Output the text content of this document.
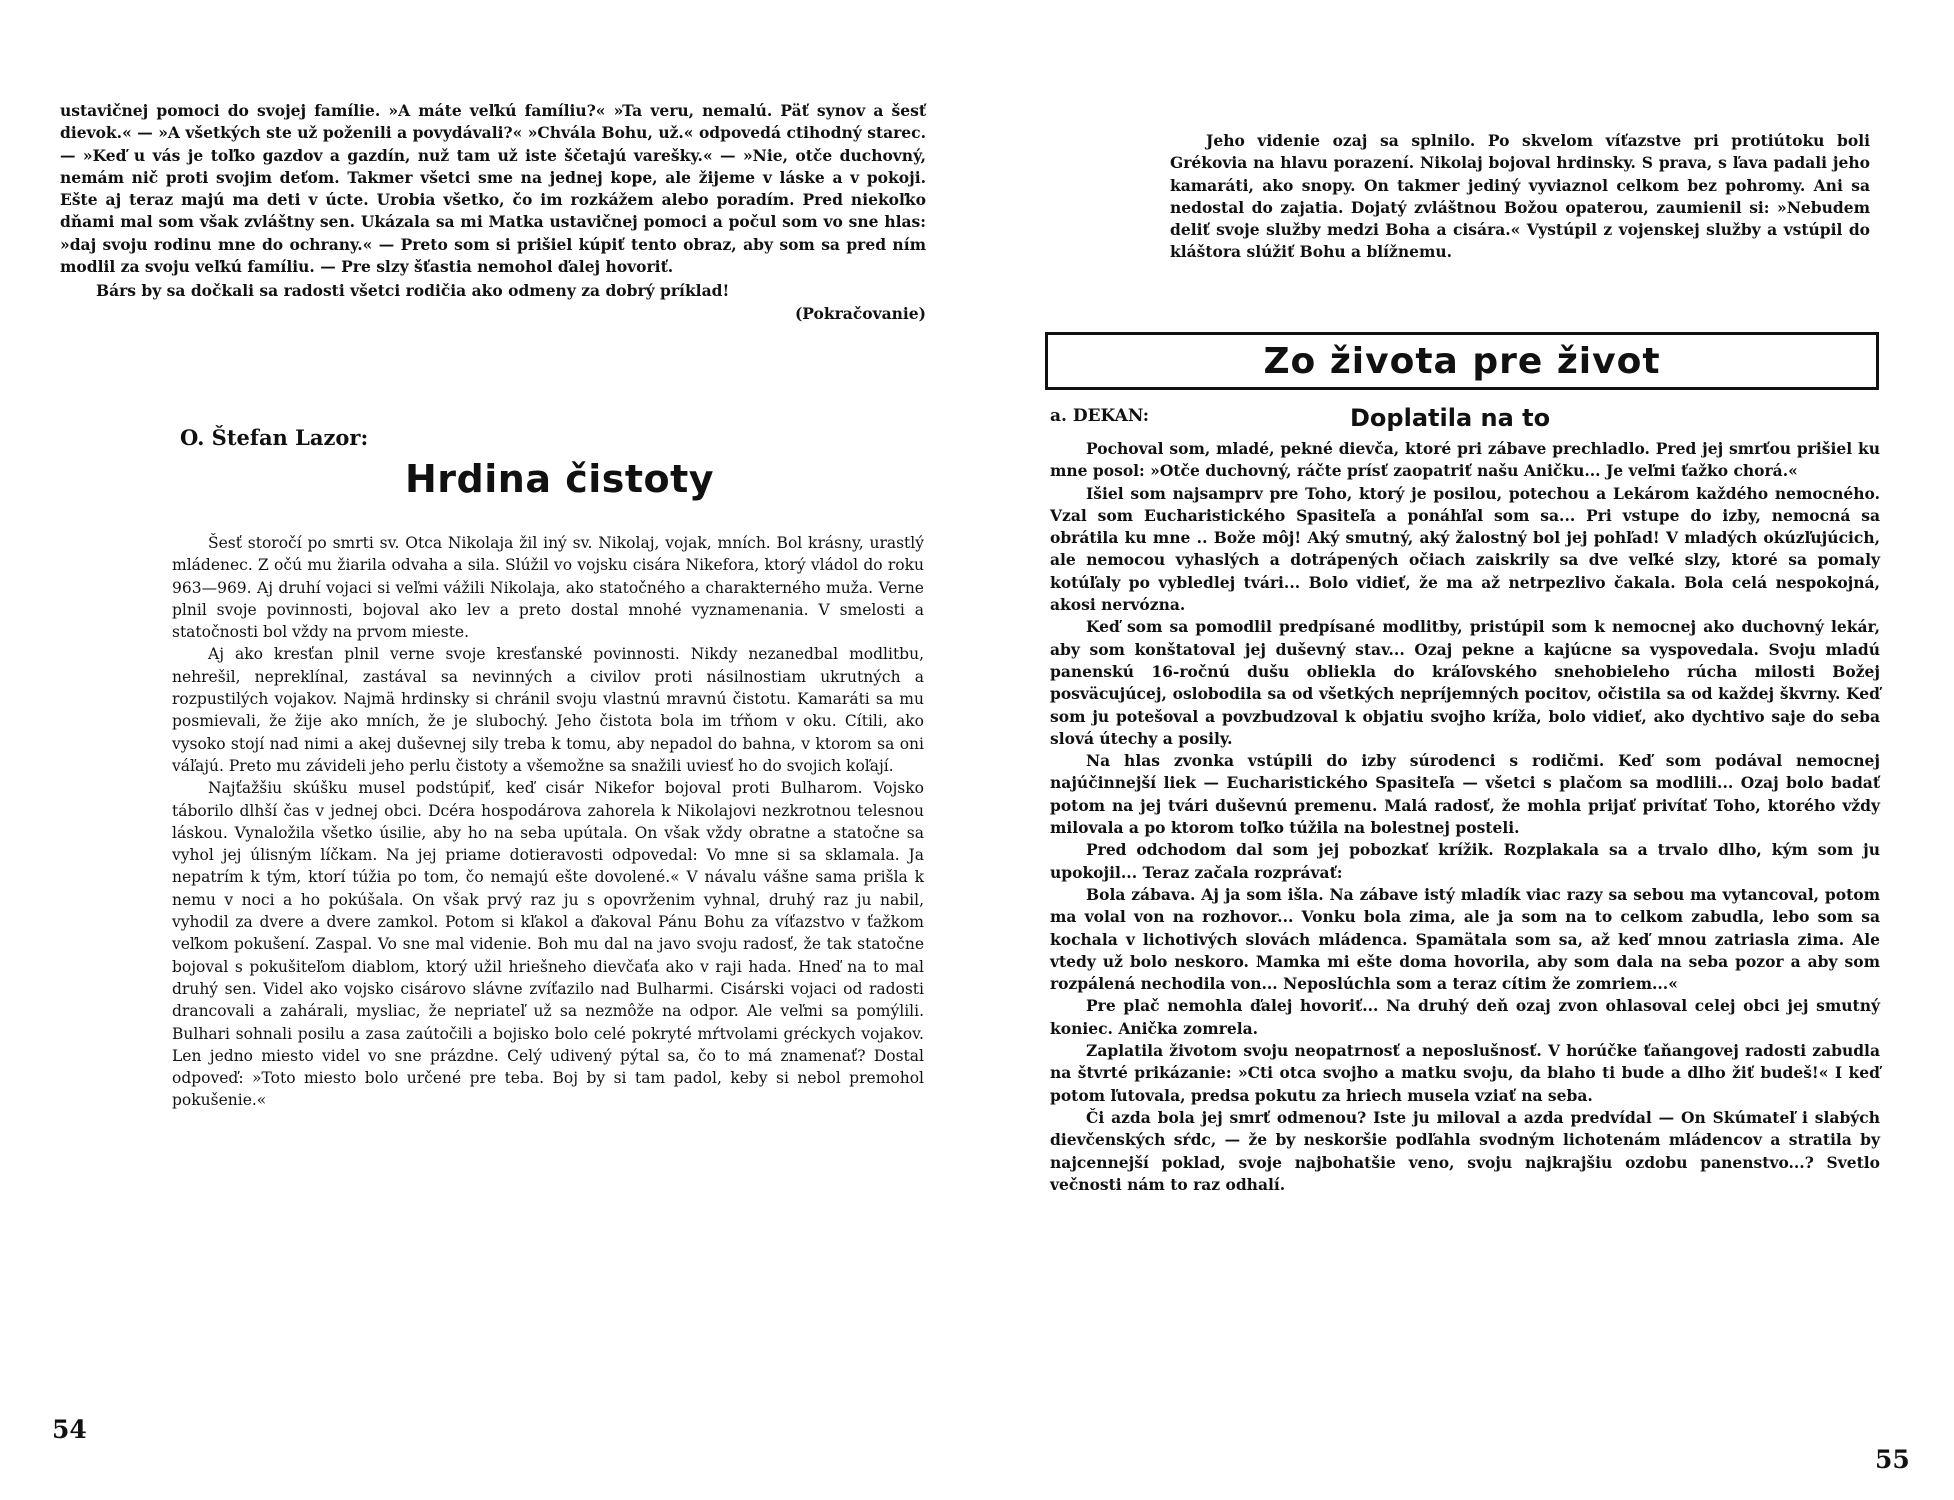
ustavičnej pomoci do svojej famílie. »A máte veľkú famíliu?« »Ta veru, nemalú. Päť synov a šesť dievok.« — »A všetkých ste už poženili a povydávali?« »Chvála Bohu, už.« odpovedá ctihodný starec. — »Keď u vás je toľko gazdov a gazdín, nuž tam už iste ščetajú varešky.« — »Nie, otče duchovný, nemám nič proti svojim deťom. Takmer všetci sme na jednej kope, ale žijeme v láske a v pokoji. Ešte aj teraz majú ma deti v úcte. Urobia všetko, čo im rozkážem alebo poradím. Pred niekoľko dňami mal som však zvláštny sen. Ukázala sa mi Matka ustavičnej pomoci a počul som vo sne hlas: »daj svoju rodinu mne do ochrany.« — Preto som si prišiel kúpiť tento obraz, aby som sa pred ním modlil za svoju veľkú famíliu. — Pre slzy šťastia nemohol ďalej hovoriť.

Bárs by sa dočkali sa radosti všetci rodičia ako odmeny za dobrý príklad!

(Pokračovanie)

O. Štefan Lazor:
Hrdina čistoty

Šesť storočí po smrti sv. Otca Nikolaja žil iný sv. Nikolaj, vojak, mních. Bol krásny, urastlý mládenec. Z očú mu žiarila odvaha a sila. Slúžil vo vojsku cisára Nikefora, ktorý vládol do roku 963—969. Aj druhí vojaci si veľmi vážili Nikolaja, ako statočného a charakterného muža. Verne plnil svoje povinnosti, bojoval ako lev a preto dostal mnohé vyznamenania. V smelosti a statočnosti bol vždy na prvom mieste.

Aj ako kresťan plnil verne svoje kresťanské povinnosti. Nikdy nezanedbal modlitbu, nehrešil, nepreklínal, zastával sa nevinných a civilov proti násilnostiam ukrutných a rozpustilých vojakov. Najmä hrdinsky si chránil svoju vlastnú mravnú čistotu. Kamaráti sa mu posmievali, že žije ako mních, že je slubochý. Jeho čistota bola im tŕňom v oku. Cítili, ako vysoko stojí nad nimi a akej duševnej sily treba k tomu, aby nepadol do bahna, v ktorom sa oni váľajú. Preto mu závideli jeho perlu čistoty a všemožne sa snažili uviesť ho do svojich koľají.

Najťažšiu skúšku musel podstúpiť, keď cisár Nikefor bojoval proti Bulharom. Vojsko táborilo dlhší čas v jednej obci. Dcéra hospodárova zahorela k Nikolajovi nezkrotnou telesnou láskou. Vynaložila všetko úsilie, aby ho na seba upútala. On však vždy obratne a statočne sa vyhol jej úlisným líčkam. Na jej priame dotieravosti odpovedal: Vo mne si sa sklamala. Ja nepatrím k tým, ktorí túžia po tom, čo nemajú ešte dovolené.« V návalu vášne sama prišla k nemu v noci a ho pokúšala. On však prvý raz ju s opovrženim vyhnal, druhý raz ju nabil, vyhodil za dvere a dvere zamkol. Potom si kľakol a ďakoval Pánu Bohu za víťazstvo v ťažkom veľkom pokušení. Zaspal. Vo sne mal videnie. Boh mu dal na javo svoju radosť, že tak statočne bojoval s pokušiteľom diablom, ktorý užil hriešneho dievčaťa ako v raji hada. Hneď na to mal druhý sen. Videl ako vojsko cisárovo slávne zvíťazilo nad Bulharmi. Cisárski vojaci od radosti drancovali a zahárali, mysliac, že nepriateľ už sa nezmôže na odpor. Ale veľmi sa pomýlili. Bulhari sohnali posilu a zasa zaútočili a bojisko bolo celé pokryté mŕtvolami gréckych vojakov. Len jedno miesto videl vo sne prázdne. Celý udivený pýtal sa, čo to má znamenať? Dostal odpoveď: »Toto miesto bolo určené pre teba. Boj by si tam padol, keby si nebol premohol pokušenie.«

54

Jeho videnie ozaj sa splnilo. Po skvelom víťazstve pri protiútoku boli Grékovia na hlavu porazení. Nikolaj bojoval hrdinsky. S prava, s ľava padali jeho kamaráti, ako snopy. On takmer jediný vyviaznol celkom bez pohromy. Ani sa nedostal do zajatia. Dojatý zvláštnou Božou opaterou, zaumienil si: »Nebudem deliť svoje služby medzi Boha a cisára.« Vystúpil z vojenskej služby a vstúpil do kláštora slúžiť Bohu a blížnemu.

Zo života pre život
a. DEKAN:	Doplatila na to

Pochoval som, mladé, pekné dievča, ktoré pri zábave prechladlo. Pred jej smrťou prišiel ku mne posol: »Otče duchovný, ráčte prísť zaopatriť našu Aničku... Je veľmi ťažko chorá.«

Išiel som najsamprv pre Toho, ktorý je posilou, potechou a Lekárom každého nemocného. Vzal som Eucharistického Spasiteľa a ponáhľal som sa... Pri vstupe do izby, nemocná sa obrátila ku mne .. Bože môj! Aký smutný, aký žalostný bol jej pohľad! V mladých okúzľujúcich, ale nemocou vyhaslých a dotrápených očiach zaiskrily sa dve veľké slzy, ktoré sa pomaly kotúľaly po vybledlej tvári... Bolo vidieť, že ma až netrpezlivo čakala. Bola celá nespokojná, akosi nervózna.

Keď som sa pomodlil predpísané modlitby, pristúpil som k nemocnej ako duchovný lekár, aby som konštatoval jej duševný stav... Ozaj pekne a kajúcne sa vyspovedala. Svoju mladú panenskú 16-ročnú dušu obliekla do kráľovského snehobieleho rúcha milosti Božej posväcujúcej, oslobodila sa od všetkých nepríjemných pocitov, očistila sa od každej škvrny. Keď som ju potešoval a povzbudzoval k objatiu svojho kríža, bolo vidieť, ako dychtivo saje do seba slová útechy a posily.

Na hlas zvonka vstúpili do izby súrodenci s rodičmi. Keď som podával nemocnej najúčinnejší liek — Eucharistického Spasiteľa — všetci s plačom sa modlili... Ozaj bolo badať potom na jej tvári duševnú premenu. Malá radosť, že mohla prijať privítať Toho, ktorého vždy milovala a po ktorom toľko túžila na bolestnej posteli.

Pred odchodom dal som jej pobozkať krížik. Rozplakala sa a trvalo dlho, kým som ju upokojil... Teraz začala rozprávať:

Bola zábava. Aj ja som išla. Na zábave istý mladík viac razy sa sebou ma vytancoval, potom ma volal von na rozhovor... Vonku bola zima, ale ja som na to celkom zabudla, lebo som sa kochala v lichotivých slovách mládenca. Spamätala som sa, až keď mnou zatriasla zima. Ale vtedy už bolo neskoro. Mamka mi ešte doma hovorila, aby som dala na seba pozor a aby som rozpálená nechodila von... Neposlúchla som a teraz cítim že zomriem...«

Pre plač nemohla ďalej hovoriť... Na druhý deň ozaj zvon ohlasoval celej obci jej smutný koniec. Anička zomrela.

Zaplatila životom svoju neopatrnosť a neposlušnosť. V horúčke ťaňangovej radosti zabudla na štvrté prikázanie: »Cti otca svojho a matku svoju, da blaho ti bude a dlho žiť budeš!« I keď potom ľutovala, predsa pokutu za hriech musela vziať na seba.

Či azda bola jej smrť odmenou? Iste ju miloval a azda predvídal — On Skúmateľ i slabých dievčenských sŕdc, — že by neskoršie podľahla svodným lichotenám mládencov a stratila by najcennejší poklad, svoje najbohatšie veno, svoju najkrajšiu ozdobu panenstvo...? Svetlo večnosti nám to raz odhalí.

55
